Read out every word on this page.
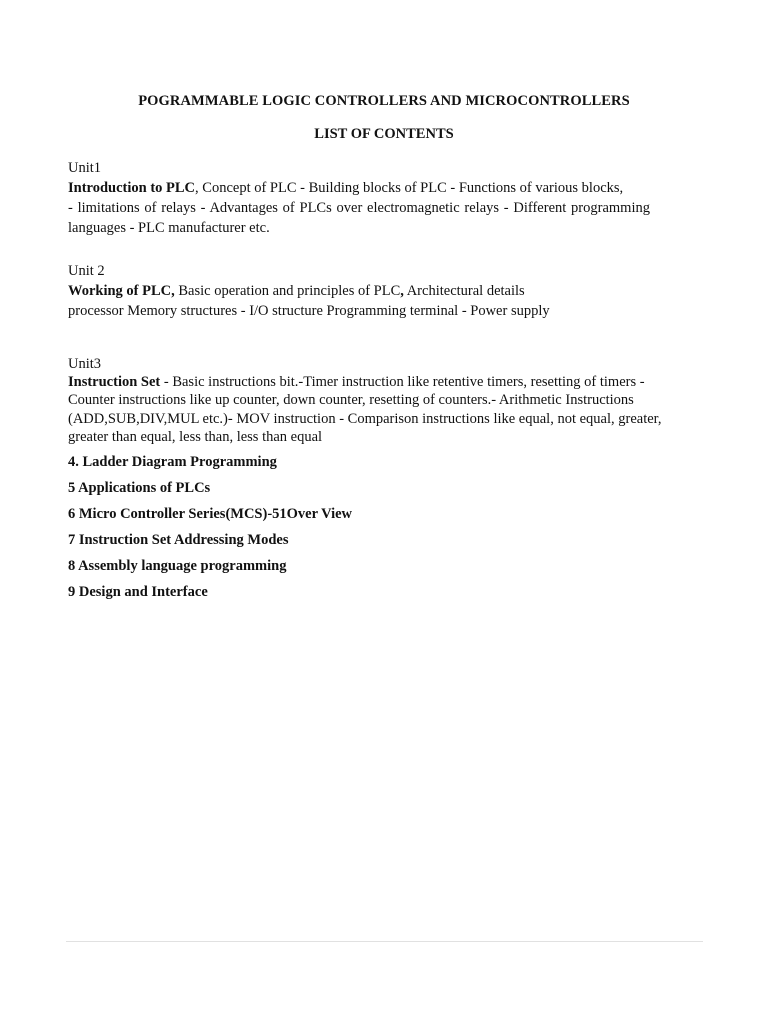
POGRAMMABLE LOGIC CONTROLLERS AND MICROCONTROLLERS
LIST OF CONTENTS
Unit1
Introduction to PLC, Concept of PLC - Building blocks of PLC - Functions of various blocks,
- limitations of relays - Advantages of PLCs over electromagnetic relays - Different programming languages - PLC manufacturer etc.
Unit 2
Working of PLC, Basic operation and principles of PLC, Architectural details
processor Memory structures - I/O structure Programming terminal - Power supply
Unit3
Instruction Set - Basic instructions bit.-Timer instruction like retentive timers, resetting of timers - Counter instructions like up counter, down counter, resetting of counters.- Arithmetic Instructions (ADD,SUB,DIV,MUL etc.)- MOV instruction - Comparison instructions like equal, not equal, greater, greater than equal, less than, less than equal
4. Ladder Diagram Programming
5 Applications of PLCs
6 Micro Controller Series(MCS)-51Over View
7 Instruction Set Addressing Modes
8 Assembly language programming
9 Design and Interface
